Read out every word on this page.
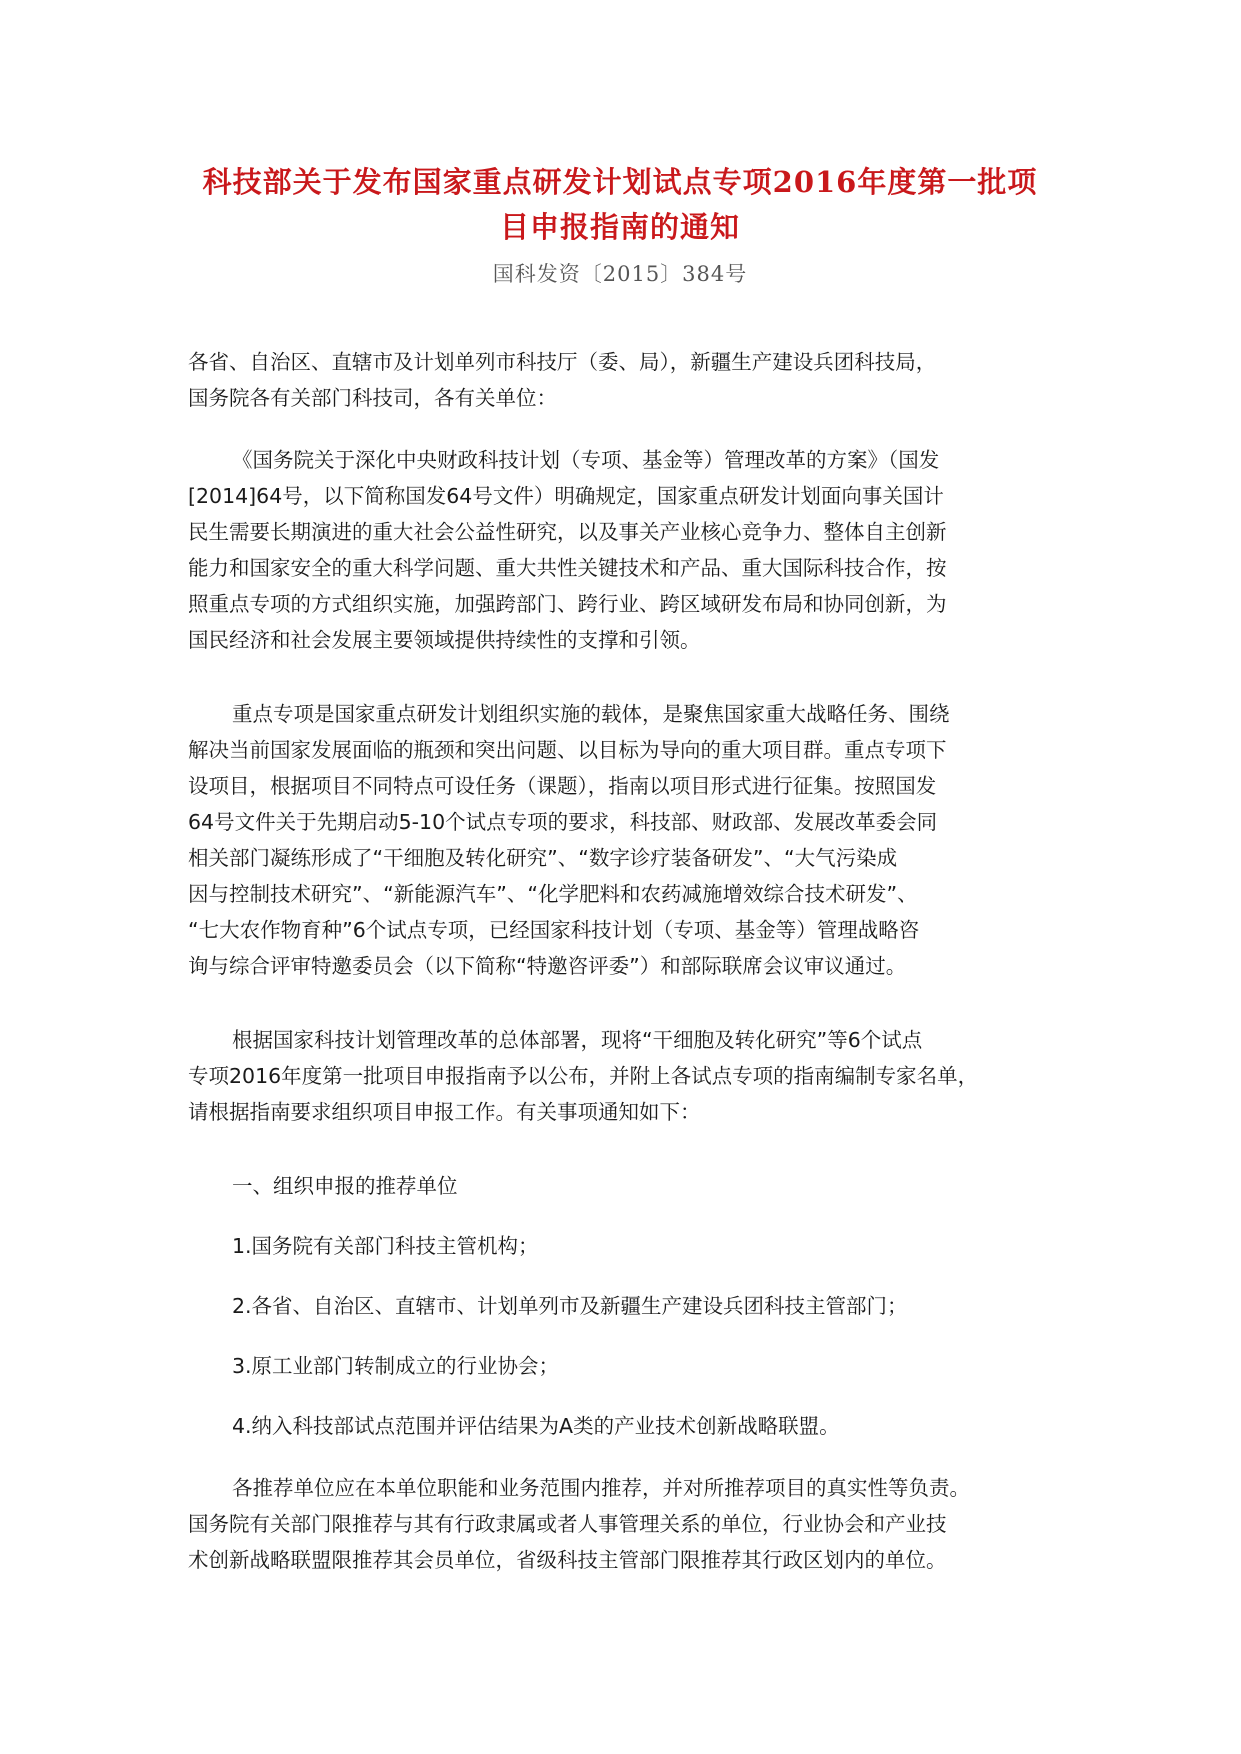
科技部关于发布国家重点研发计划试点专项2016年度第一批项
目申报指南的通知
国科发资〔2015〕384号
各省、自治区、直辖市及计划单列市科技厅（委、局），新疆生产建设兵团科技局，
国务院各有关部门科技司，各有关单位：
《国务院关于深化中央财政科技计划（专项、基金等）管理改革的方案》（国发
[2014]64号，以下简称国发64号文件）明确规定，国家重点研发计划面向事关国计
民生需要长期演进的重大社会公益性研究，以及事关产业核心竞争力、整体自主创新
能力和国家安全的重大科学问题、重大共性关键技术和产品、重大国际科技合作，按
照重点专项的方式组织实施，加强跨部门、跨行业、跨区域研发布局和协同创新，为
国民经济和社会发展主要领域提供持续性的支撑和引领。
重点专项是国家重点研发计划组织实施的载体，是聚焦国家重大战略任务、围绕
解决当前国家发展面临的瓶颈和突出问题、以目标为导向的重大项目群。重点专项下
设项目，根据项目不同特点可设任务（课题），指南以项目形式进行征集。按照国发
64号文件关于先期启动5-10个试点专项的要求，科技部、财政部、发展改革委会同
相关部门凝练形成了“干细胞及转化研究”、“数字诊疗装备研发”、“大气污染成
因与控制技术研究”、“新能源汽车”、“化学肥料和农药减施增效综合技术研发”、
“七大农作物育种”6个试点专项，已经国家科技计划（专项、基金等）管理战略咨
询与综合评审特邀委员会（以下简称“特邀咨评委”）和部际联席会议审议通过。
根据国家科技计划管理改革的总体部署，现将“干细胞及转化研究”等6个试点
专项2016年度第一批项目申报指南予以公布，并附上各试点专项的指南编制专家名单，
请根据指南要求组织项目申报工作。有关事项通知如下：
一、组织申报的推荐单位
1.国务院有关部门科技主管机构；
2.各省、自治区、直辖市、计划单列市及新疆生产建设兵团科技主管部门；
3.原工业部门转制成立的行业协会；
4.纳入科技部试点范围并评估结果为A类的产业技术创新战略联盟。
各推荐单位应在本单位职能和业务范围内推荐，并对所推荐项目的真实性等负责。
国务院有关部门限推荐与其有行政隶属或者人事管理关系的单位，行业协会和产业技
术创新战略联盟限推荐其会员单位，省级科技主管部门限推荐其行政区划内的单位。
